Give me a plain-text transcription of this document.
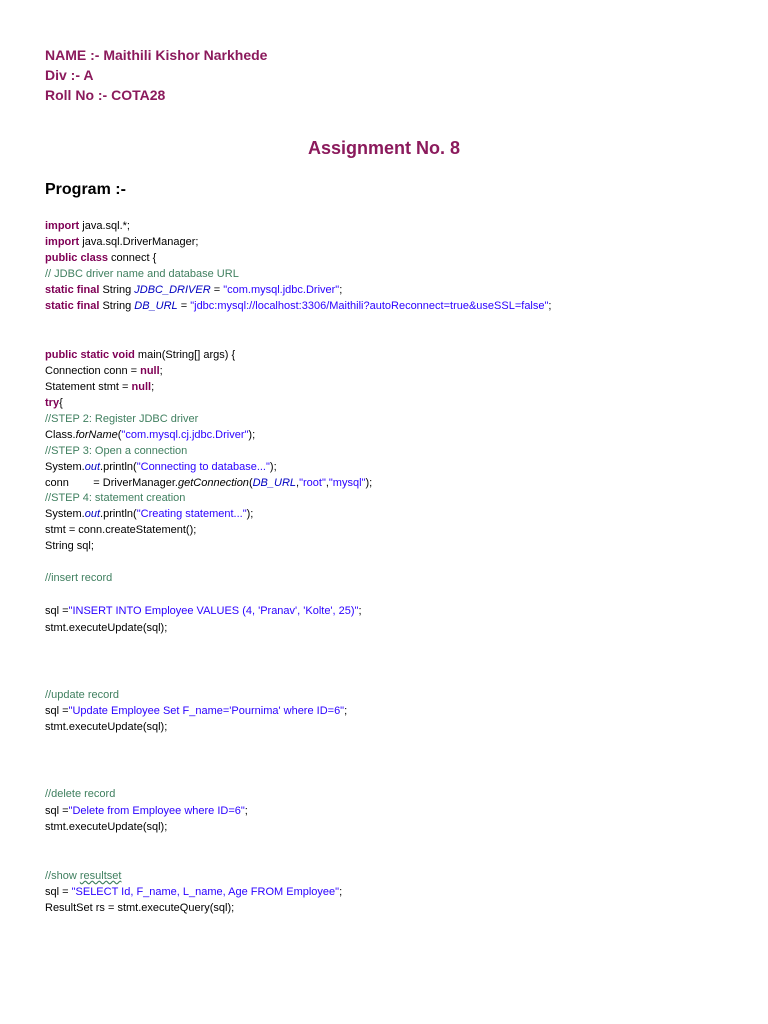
NAME :- Maithili Kishor Narkhede
Div :- A
Roll No :- COTA28
Assignment No. 8
Program :-
import java.sql.*;
import java.sql.DriverManager;
public class connect {
// JDBC driver name and database URL
static final String JDBC_DRIVER = "com.mysql.jdbc.Driver";
static final String DB_URL = "jdbc:mysql://localhost:3306/Maithili?autoReconnect=true&useSSL=false";
public static void main(String[] args) {
Connection conn = null;
Statement stmt = null;
try{
//STEP 2: Register JDBC driver
Class.forName("com.mysql.cj.jdbc.Driver");
//STEP 3: Open a connection
System.out.println("Connecting to database...");
conn        = DriverManager.getConnection(DB_URL,"root","mysql");
//STEP 4: statement creation
System.out.println("Creating statement...");
stmt = conn.createStatement();
String sql;
//insert record
sql ="INSERT INTO Employee VALUES (4, 'Pranav', 'Kolte', 25)";
stmt.executeUpdate(sql);
//update record
sql ="Update Employee Set F_name='Pournima' where ID=6";
stmt.executeUpdate(sql);
//delete record
sql ="Delete from Employee where ID=6";
stmt.executeUpdate(sql);
//show resultset
sql = "SELECT Id, F_name, L_name, Age FROM Employee";
ResultSet rs = stmt.executeQuery(sql);
